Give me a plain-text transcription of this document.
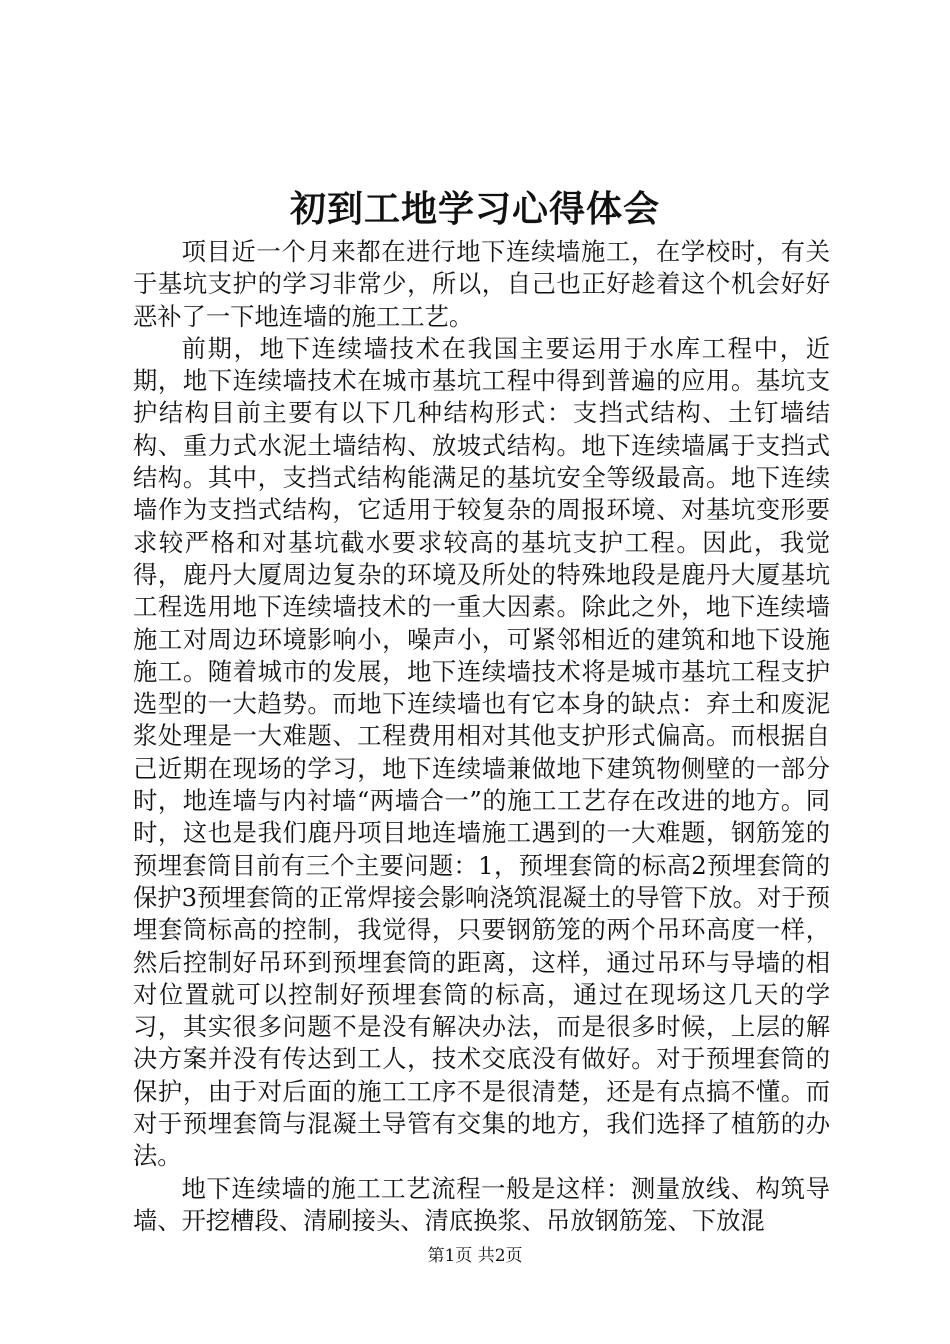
初到工地学习心得体会

项目近一个月来都在进行地下连续墙施工，在学校时，有关于基坑支护的学习非常少，所以，自己也正好趁着这个机会好好恶补了一下地连墙的施工工艺。

前期，地下连续墙技术在我国主要运用于水库工程中，近期，地下连续墙技术在城市基坑工程中得到普遍的应用。基坑支护结构目前主要有以下几种结构形式：支挡式结构、土钉墙结构、重力式水泥土墙结构、放坡式结构。地下连续墙属于支挡式结构。其中，支挡式结构能满足的基坑安全等级最高。地下连续墙作为支挡式结构，它适用于较复杂的周报环境、对基坑变形要求较严格和对基坑截水要求较高的基坑支护工程。因此，我觉得，鹿丹大厦周边复杂的环境及所处的特殊地段是鹿丹大厦基坑工程选用地下连续墙技术的一重大因素。除此之外，地下连续墙施工对周边环境影响小，噪声小，可紧邻相近的建筑和地下设施施工。随着城市的发展，地下连续墙技术将是城市基坑工程支护选型的一大趋势。而地下连续墙也有它本身的缺点：弃土和废泥浆处理是一大难题、工程费用相对其他支护形式偏高。而根据自己近期在现场的学习，地下连续墙兼做地下建筑物侧壁的一部分时，地连墙与内衬墙“两墙合一”的施工工艺存在改进的地方。同时，这也是我们鹿丹项目地连墙施工遇到的一大难题，钢筋笼的预埋套筒目前有三个主要问题：1，预埋套筒的标高2预埋套筒的保护3预埋套筒的正常焊接会影响浇筑混凝土的导管下放。对于预埋套筒标高的控制，我觉得，只要钢筋笼的两个吊环高度一样，然后控制好吊环到预埋套筒的距离，这样，通过吊环与导墙的相对位置就可以控制好预埋套筒的标高，通过在现场这几天的学习，其实很多问题不是没有解决办法，而是很多时候，上层的解决方案并没有传达到工人，技术交底没有做好。对于预埋套筒的保护，由于对后面的施工工序不是很清楚，还是有点搞不懂。而对于预埋套筒与混凝土导管有交集的地方，我们选择了植筋的办法。

地下连续墙的施工工艺流程一般是这样：测量放线、构筑导墙、开挖槽段、清刷接头、清底换浆、吊放钢筋笼、下放混

第1页 共2页
